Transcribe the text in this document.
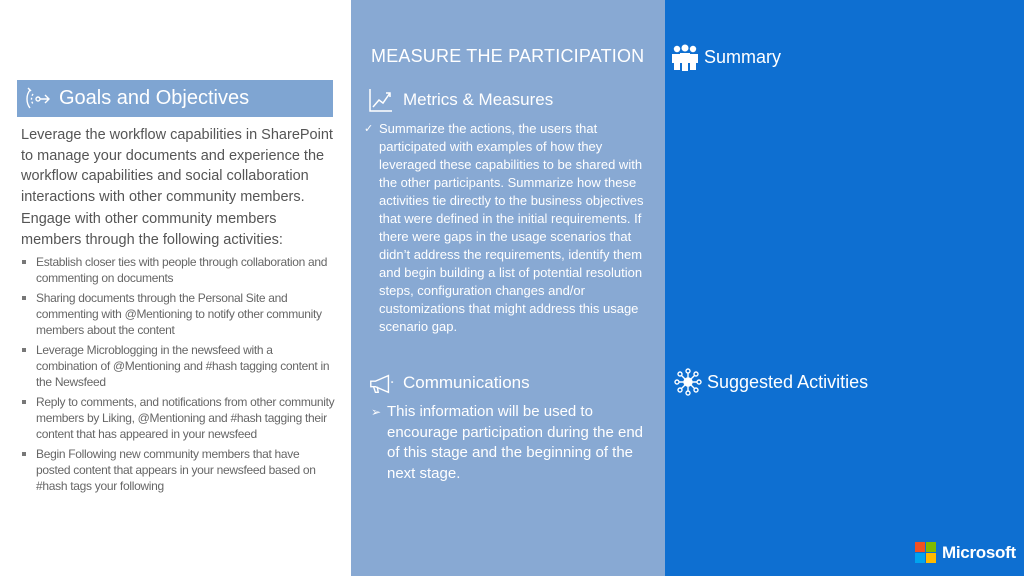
Goals and Objectives

Leverage the workflow capabilities in SharePoint to manage your documents and experience the workflow capabilities and social collaboration interactions with other community members.

Engage with other community members members through the following activities:

Establish closer ties with people through collaboration and commenting on documents
Sharing documents through the Personal Site and commenting with @Mentioning to notify other community members about the content
Leverage Microblogging in the newsfeed with a combination of @Mentioning and #hash tagging content in the Newsfeed
Reply to comments, and notifications from other community members by Liking, @Mentioning and #hash tagging their content that has appeared in your newsfeed
Begin Following new community members that have posted content that appears in your newsfeed based on #hash tags your following
MEASURE THE PARTICIPATION
Metrics & Measures
✓ Summarize the actions, the users that participated with examples of how they leveraged these capabilities to be shared with the other participants. Summarize how these activities tie directly to the business objectives that were defined in the initial requirements. If there were gaps in the usage scenarios that didn’t address the requirements, identify them and begin building a list of potential resolution steps, configuration changes and/or customizations that might address this usage scenario gap.
Communications
➢ This information will be used to encourage participation during the end of this stage and the beginning of the next stage.
Summary
Suggested Activities
Microsoft
